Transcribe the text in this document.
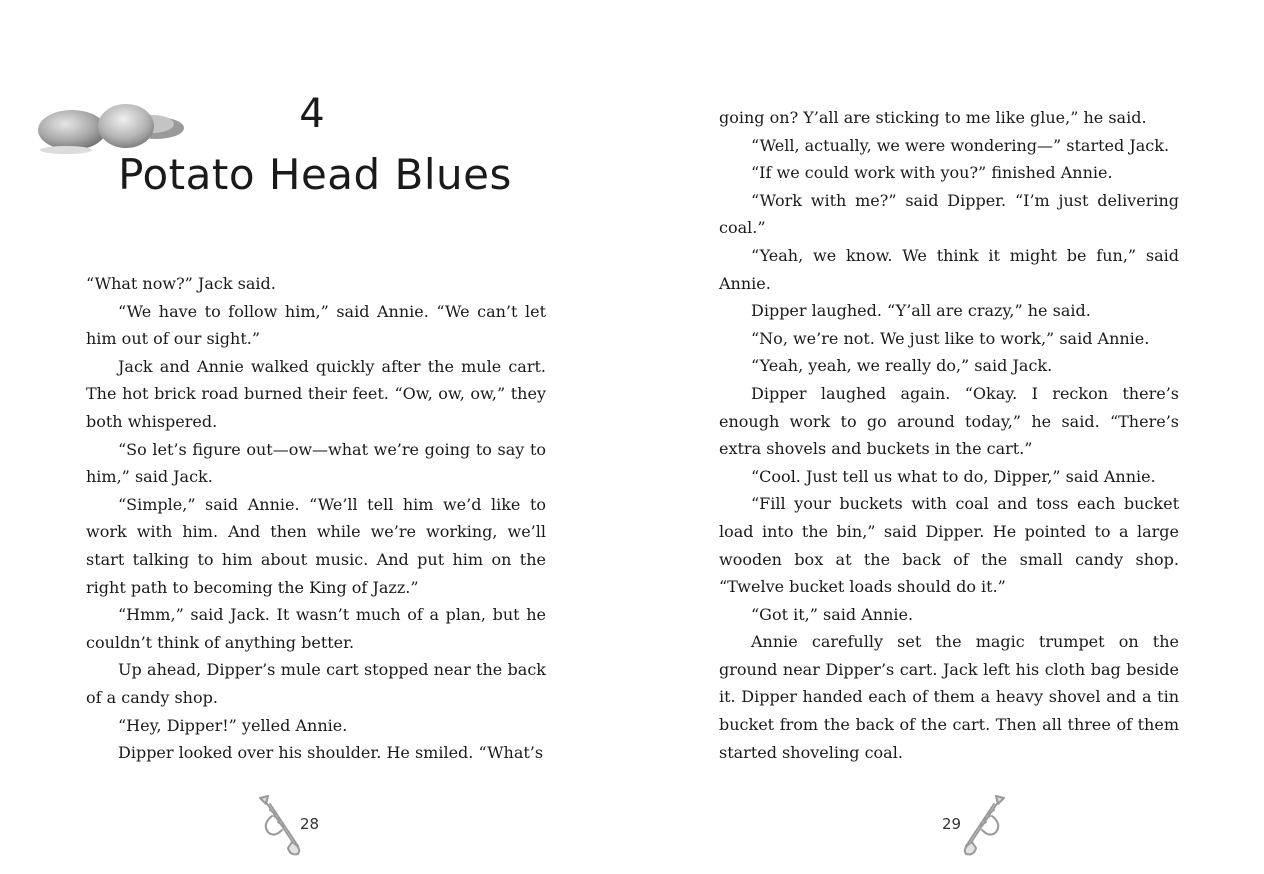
4
Potato Head Blues

“What now?” Jack said.

“We have to follow him,” said Annie. “We can’t let him out of our sight.”

Jack and Annie walked quickly after the mule cart. The hot brick road burned their feet. “Ow, ow, ow,” they both whispered.

“So let’s figure out—ow—what we’re going to say to him,” said Jack.

“Simple,” said Annie. “We’ll tell him we’d like to work with him. And then while we’re working, we’ll start talking to him about music. And put him on the right path to becoming the King of Jazz.”

“Hmm,” said Jack. It wasn’t much of a plan, but he couldn’t think of anything better.

Up ahead, Dipper’s mule cart stopped near the back of a candy shop.

“Hey, Dipper!” yelled Annie.

Dipper looked over his shoulder. He smiled. “What’s

28

going on? Y’all are sticking to me like glue,” he said.

“Well, actually, we were wondering—” started Jack.

“If we could work with you?” finished Annie.

“Work with me?” said Dipper. “I’m just delivering coal.”

“Yeah, we know. We think it might be fun,” said Annie.

Dipper laughed. “Y’all are crazy,” he said.

“No, we’re not. We just like to work,” said Annie.

“Yeah, yeah, we really do,” said Jack.

Dipper laughed again. “Okay. I reckon there’s enough work to go around today,” he said. “There’s extra shovels and buckets in the cart.”

“Cool. Just tell us what to do, Dipper,” said Annie.

“Fill your buckets with coal and toss each bucket load into the bin,” said Dipper. He pointed to a large wooden box at the back of the small candy shop. “Twelve bucket loads should do it.”

“Got it,” said Annie.

Annie carefully set the magic trumpet on the ground near Dipper’s cart. Jack left his cloth bag beside it. Dipper handed each of them a heavy shovel and a tin bucket from the back of the cart. Then all three of them started shoveling coal.

29
